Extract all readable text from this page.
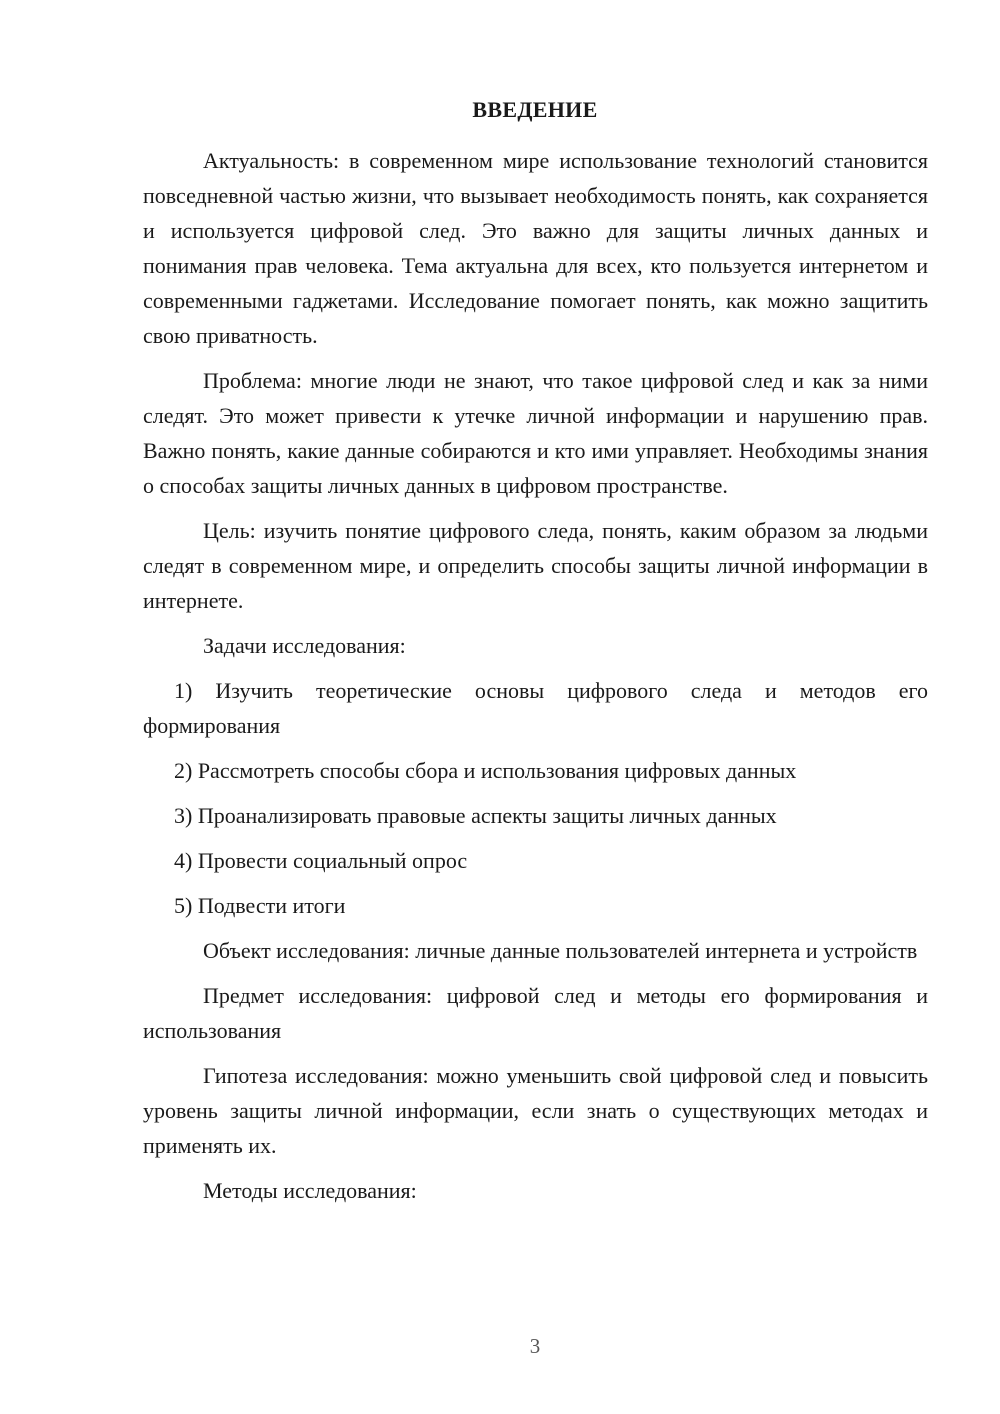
ВВЕДЕНИЕ

Актуальность: в современном мире использование технологий становится повседневной частью жизни, что вызывает необходимость понять, как сохраняется и используется цифровой след. Это важно для защиты личных данных и понимания прав человека. Тема актуальна для всех, кто пользуется интернетом и современными гаджетами. Исследование помогает понять, как можно защитить свою приватность.

Проблема: многие люди не знают, что такое цифровой след и как за ними следят. Это может привести к утечке личной информации и нарушению прав. Важно понять, какие данные собираются и кто ими управляет. Необходимы знания о способах защиты личных данных в цифровом пространстве.

Цель: изучить понятие цифрового следа, понять, каким образом за людьми следят в современном мире, и определить способы защиты личной информации в интернете.

Задачи исследования:

1) Изучить теоретические основы цифрового следа и методов его формирования

2) Рассмотреть способы сбора и использования цифровых данных

3) Проанализировать правовые аспекты защиты личных данных

4) Провести социальный опрос

5) Подвести итоги

Объект исследования: личные данные пользователей интернета и устройств

Предмет исследования: цифровой след и методы его формирования и использования

Гипотеза исследования: можно уменьшить свой цифровой след и повысить уровень защиты личной информации, если знать о существующих методах и применять их.

Методы исследования:

3
